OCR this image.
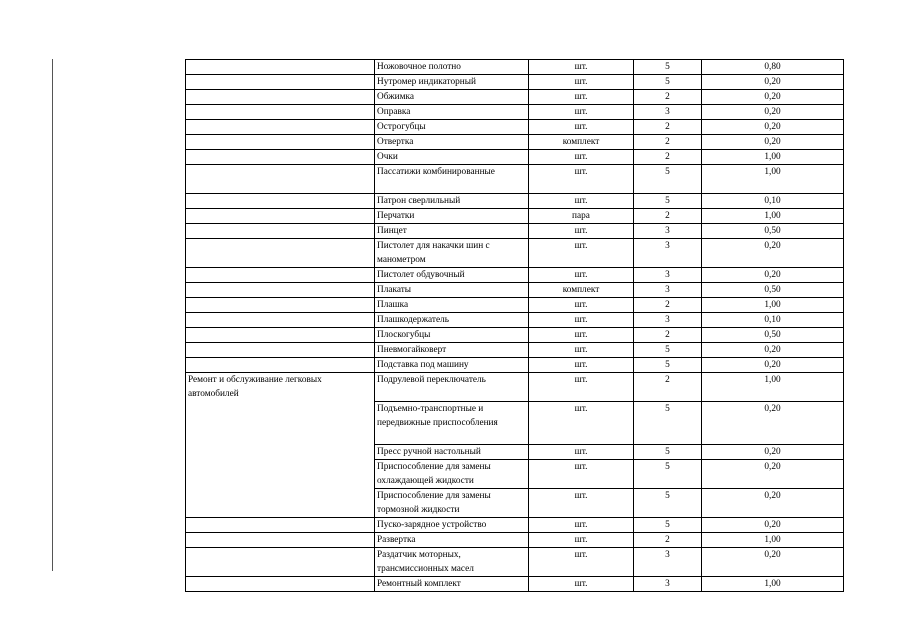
	Ножовочное полотно	шт.	5	0,80
	Нутромер индикаторный	шт.	5	0,20
	Обжимка	шт.	2	0,20
	Оправка	шт.	3	0,20
	Острогубцы	шт.	2	0,20
	Отвертка	комплект	2	0,20
	Очки	шт.	2	1,00
	Пассатижи комбинированные	шт.	5	1,00
	Патрон сверлильный	шт.	5	0,10
	Перчатки	пара	2	1,00
	Пинцет	шт.	3	0,50
	Пистолет для накачки шин с манометром	шт.	3	0,20
	Пистолет обдувочный	шт.	3	0,20
	Плакаты	комплект	3	0,50
	Плашка	шт.	2	1,00
	Плашкодержатель	шт.	3	0,10
	Плоскогубцы	шт.	2	0,50
	Пневмогайковерт	шт.	5	0,20
	Подставка под машину	шт.	5	0,20
Ремонт и обслуживание легковых автомобилей	Подрулевой переключатель	шт.	2	1,00
	Подъемно-транспортные и передвижные приспособления	шт.	5	0,20
	Пресс ручной настольный	шт.	5	0,20
	Приспособление для замены охлаждающей жидкости	шт.	5	0,20
	Приспособление для замены тормозной жидкости	шт.	5	0,20
	Пуско-зарядное устройство	шт.	5	0,20
	Развертка	шт.	2	1,00
	Раздатчик моторных, трансмиссионных масел	шт.	3	0,20
	Ремонтный комплект	шт.	3	1,00
